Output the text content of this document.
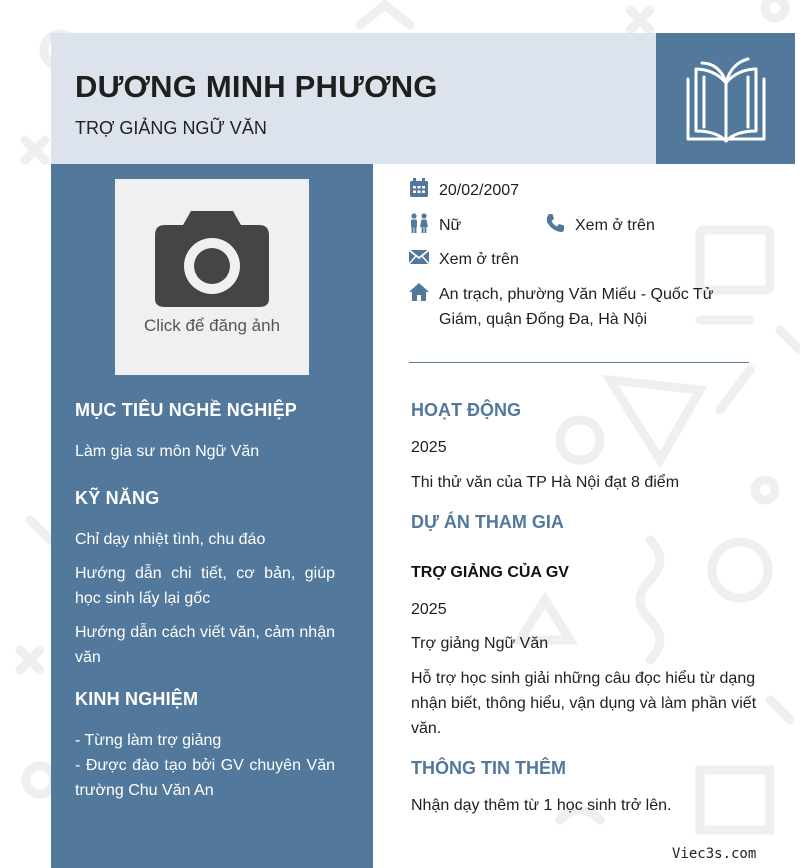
DƯƠNG MINH PHƯƠNG

TRỢ GIẢNG NGỮ VĂN

Click để đăng ảnh
MỤC TIÊU NGHỀ NGHIỆP

Làm gia sư môn Ngữ Văn

KỸ NĂNG

Chỉ dạy nhiệt tình, chu đáo

Hướng dẫn chi tiết, cơ bản, giúp học sinh lấy lại gốc

Hướng dẫn cách viết văn, cảm nhận văn

KINH NGHIỆM

- Từng làm trợ giảng

- Được đào tạo bởi GV chuyên Văn trường Chu Văn An

20/02/2007
Nữ	Xem ở trên
Xem ở trên
An trạch, phường Văn Miếu - Quốc Tử Giám, quận Đống Đa, Hà Nội
HOẠT ĐỘNG

2025

Thi thử văn của TP Hà Nội đạt 8 điểm

DỰ ÁN THAM GIA

TRỢ GIẢNG CỦA GV

2025

Trợ giảng Ngữ Văn

Hỗ trợ học sinh giải những câu đọc hiểu từ dạng nhận biết, thông hiểu, vận dụng và làm phần viết văn.

THÔNG TIN THÊM

Nhận dạy thêm từ 1 học sinh trở lên.

Viec3s.com
